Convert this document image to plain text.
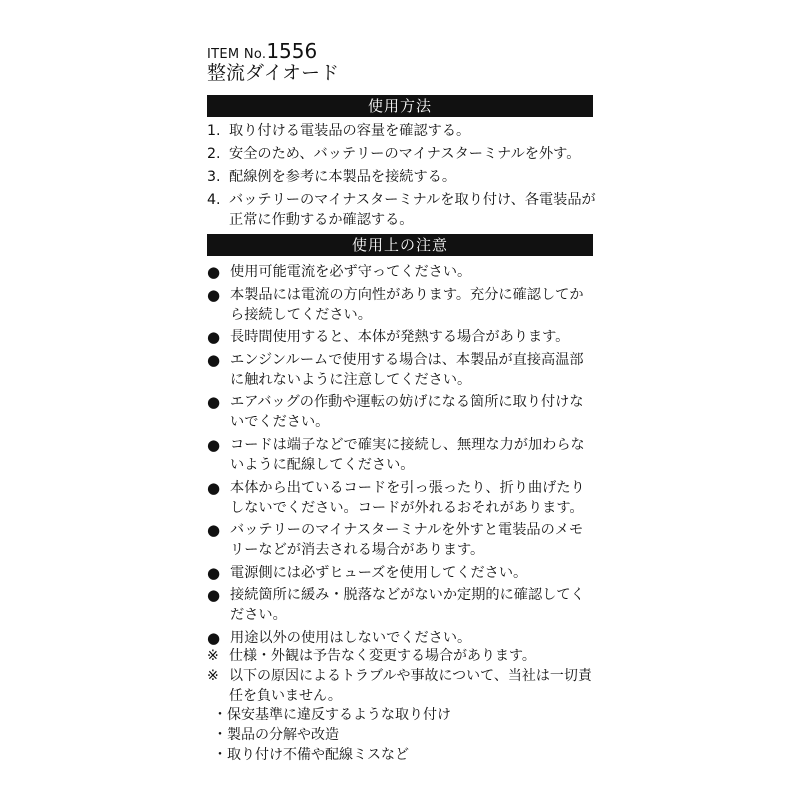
ITEM No.1556
整流ダイオード
使用方法
1. 取り付ける電装品の容量を確認する。
2. 安全のため、バッテリーのマイナスターミナルを外す。
3. 配線例を参考に本製品を接続する。
4. バッテリーのマイナスターミナルを取り付け、各電装品が正常に作動するか確認する。
使用上の注意
● 使用可能電流を必ず守ってください。
● 本製品には電流の方向性があります。充分に確認してから接続してください。
● 長時間使用すると、本体が発熱する場合があります。
● エンジンルームで使用する場合は、本製品が直接高温部に触れないように注意してください。
● エアバッグの作動や運転の妨げになる箇所に取り付けないでください。
● コードは端子などで確実に接続し、無理な力が加わらないように配線してください。
● 本体から出ているコードを引っ張ったり、折り曲げたりしないでください。コードが外れるおそれがあります。
● バッテリーのマイナスターミナルを外すと電装品のメモリーなどが消去される場合があります。
● 電源側には必ずヒューズを使用してください。
● 接続箇所に緩み・脱落などがないか定期的に確認してください。
● 用途以外の使用はしないでください。
※ 仕様・外観は予告なく変更する場合があります。
※ 以下の原因によるトラブルや事故について、当社は一切責任を負いません。
・保安基準に違反するような取り付け
・製品の分解や改造
・取り付け不備や配線ミスなど
